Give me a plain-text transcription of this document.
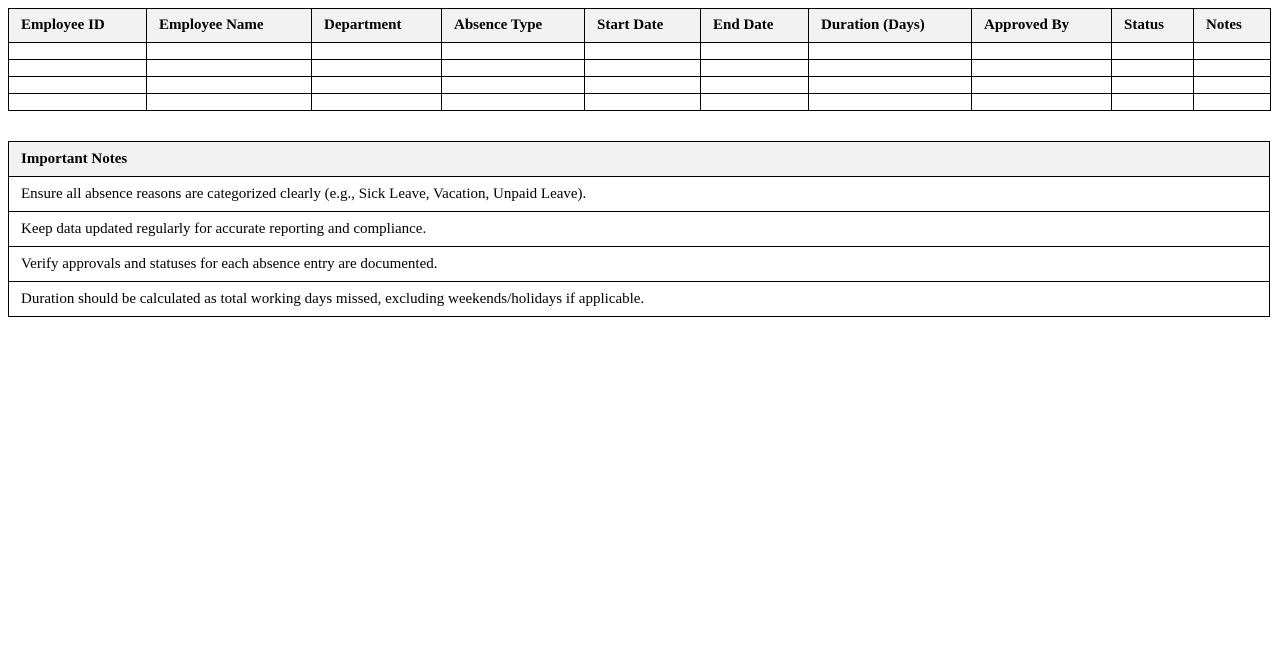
Employee ID	Employee Name	Department	Absence Type	Start Date	End Date	Duration (Days)	Approved By	Status	Notes

Important Notes
Ensure all absence reasons are categorized clearly (e.g., Sick Leave, Vacation, Unpaid Leave).
Keep data updated regularly for accurate reporting and compliance.
Verify approvals and statuses for each absence entry are documented.
Duration should be calculated as total working days missed, excluding weekends/holidays if applicable.
